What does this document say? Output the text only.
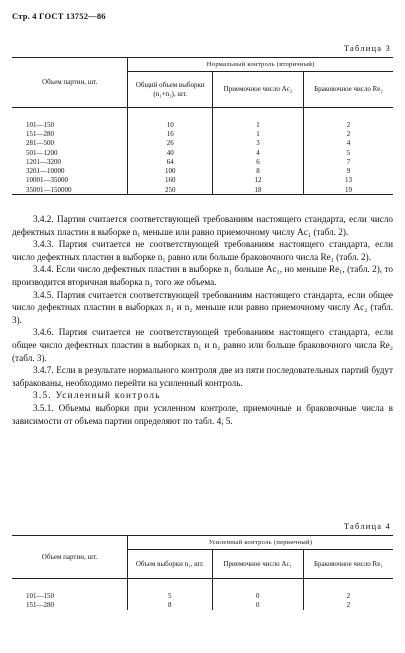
Стр. 4 ГОСТ 13752—86
Таблица 3
Объем партии, шт.	Нормальный контроль (вторичный)		
	Общий объем выборки (n₁+n₂), шт.	Приемочное число Ac₂	Браковочное число Re₂

101—150	10	1	2
151—280	16	1	2
281—500	26	3	4
501—1200	40	4	5
1201—3200	64	6	7
3201—10000	100	8	9
10001—35000	160	12	13
35001—150000	250	18	19

3.4.2. Партия считается соответствующей требованиям настоящего стандарта, если число дефектных пластин в выборке n₁ меньше или равно приемочному числу Ac₁ (табл. 2).

3.4.3. Партия считается не соответствующей требованиям настоящего стандарта, если число дефектных пластин в выборке n₁ равно или больше браковочного числа Re₁ (табл. 2).

3.4.4. Если число дефектных пластин в выборке n₁ больше Ac₁, но меньше Re₁, (табл. 2), то производится вторичная выборка n₂ того же объема.

3.4.5. Партия считается соответствующей требованиям настоящего стандарта, если общее число дефектных пластин в выборках n₁ и n₂ меньше или равно приемочному числу Ac₂ (табл. 3).

3.4.6. Партия считается не соответствующей требованиям настоящего стандарта, если общее число дефектных пластин в выборках n₁ и n₂ равно или больше браковочного числа Re₂ (табл. 3).

3.4.7. Если в результате нормального контроля две из пяти последовательных партий будут забракованы, необходимо перейти на усиленный контроль.

3.5. Усиленный контроль

3.5.1. Объемы выборки при усиленном контроле, приемочные и браковочные числа в зависимости от объема партии определяют по табл. 4, 5.

Таблица 4
Объем партии, шт.	Усиленный контроль (первичный)		
	Объем выборки n₁, шт.	Приемочное число Ac₁	Браковочное число Re₁

101—150	5	0	2
151—280	8	0	2
